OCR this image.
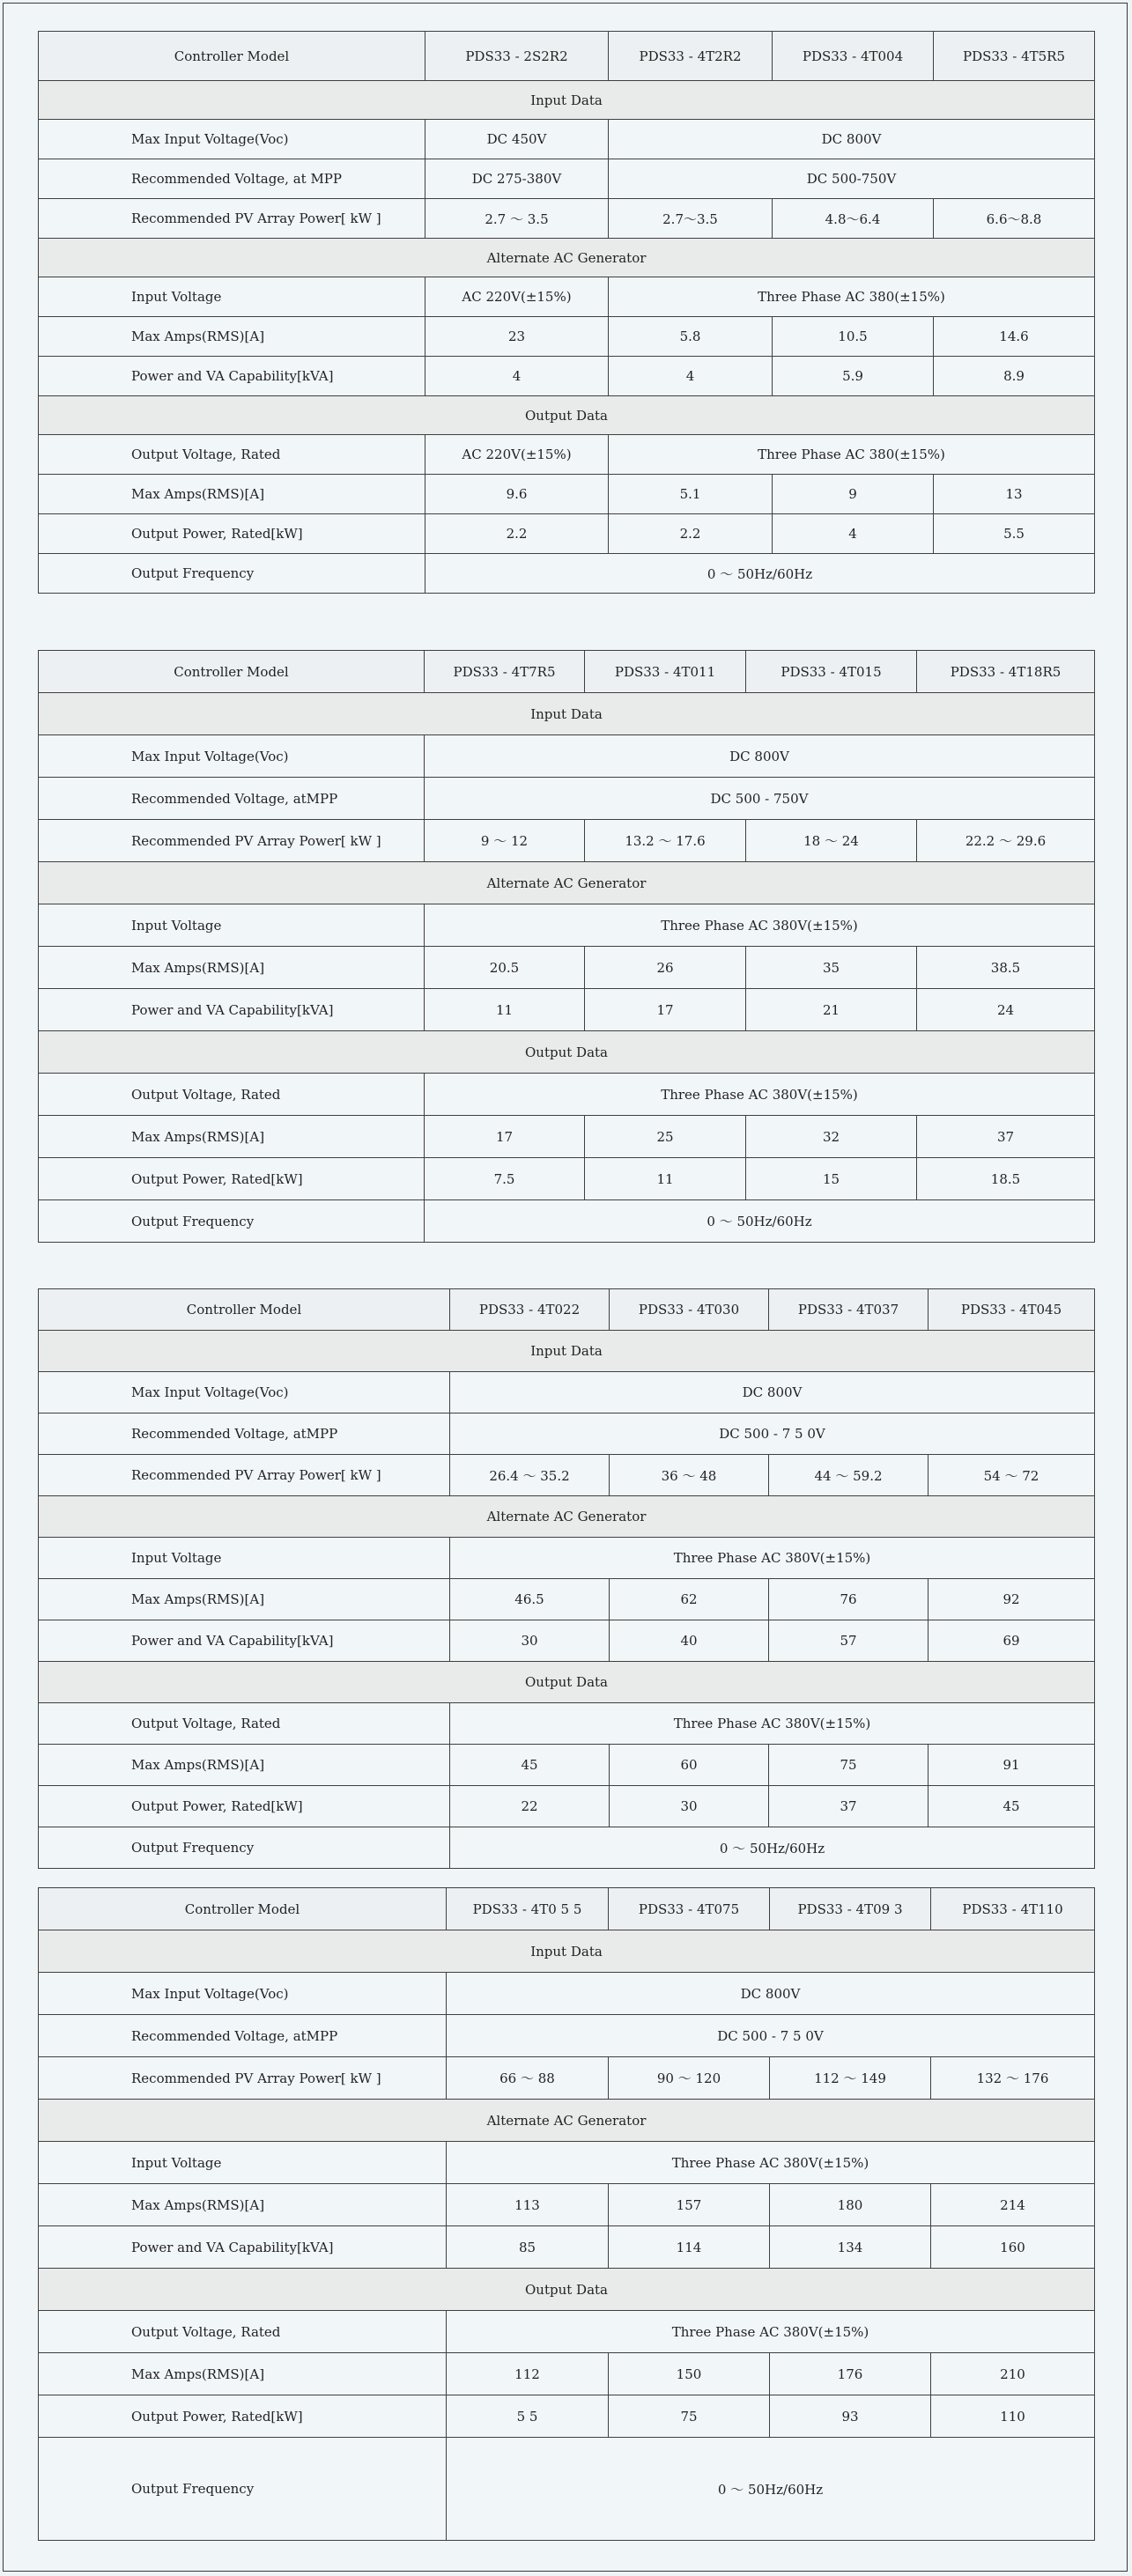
Controller Model	PDS33 - 2S2R2	PDS33 - 4T2R2	PDS33 - 4T004	PDS33 - 4T5R5
Input Data				
Max Input Voltage(Voc)	DC 450V	DC 800V		
Recommended Voltage, at MPP	DC 275-380V	DC 500-750V		
Recommended PV Array Power[ kW ]	2.7 ～ 3.5	2.7～3.5	4.8～6.4	6.6～8.8
Alternate AC Generator				
Input Voltage	AC 220V(±15%)	Three Phase AC 380(±15%)		
Max Amps(RMS)[A]	23	5.8	10.5	14.6
Power and VA Capability[kVA]	4	4	5.9	8.9
Output Data				
Output Voltage, Rated	AC 220V(±15%)	Three Phase AC 380(±15%)		
Max Amps(RMS)[A]	9.6	5.1	9	13
Output Power, Rated[kW]	2.2	2.2	4	5.5
Output Frequency	0 ～ 50Hz/60Hz			
Controller Model	PDS33 - 4T7R5	PDS33 - 4T011	PDS33 - 4T015	PDS33 - 4T18R5
Input Data				
Max Input Voltage(Voc)	DC 800V			
Recommended Voltage, atMPP	DC 500 - 750V			
Recommended PV Array Power[ kW ]	9 ～ 12	13.2 ～ 17.6	18 ～ 24	22.2 ～ 29.6
Alternate AC Generator				
Input Voltage	Three Phase AC 380V(±15%)			
Max Amps(RMS)[A]	20.5	26	35	38.5
Power and VA Capability[kVA]	11	17	21	24
Output Data				
Output Voltage, Rated	Three Phase AC 380V(±15%)			
Max Amps(RMS)[A]	17	25	32	37
Output Power, Rated[kW]	7.5	11	15	18.5
Output Frequency	0 ～ 50Hz/60Hz			
Controller Model	PDS33 - 4T022	PDS33 - 4T030	PDS33 - 4T037	PDS33 - 4T045
Input Data				
Max Input Voltage(Voc)	DC 800V			
Recommended Voltage, atMPP	DC 500 - 7 5 0V			
Recommended PV Array Power[ kW ]	26.4 ～ 35.2	36 ～ 48	44 ～ 59.2	54 ～ 72
Alternate AC Generator				
Input Voltage	Three Phase AC 380V(±15%)			
Max Amps(RMS)[A]	46.5	62	76	92
Power and VA Capability[kVA]	30	40	57	69
Output Data				
Output Voltage, Rated	Three Phase AC 380V(±15%)			
Max Amps(RMS)[A]	45	60	75	91
Output Power, Rated[kW]	22	30	37	45
Output Frequency	0 ～ 50Hz/60Hz			
Controller Model	PDS33 - 4T0 5 5	PDS33 - 4T075	PDS33 - 4T09 3	PDS33 - 4T110
Input Data				
Max Input Voltage(Voc)	DC 800V			
Recommended Voltage, atMPP	DC 500 - 7 5 0V			
Recommended PV Array Power[ kW ]	66 ～ 88	90 ～ 120	112 ～ 149	132 ～ 176
Alternate AC Generator				
Input Voltage	Three Phase AC 380V(±15%)			
Max Amps(RMS)[A]	113	157	180	214
Power and VA Capability[kVA]	85	114	134	160
Output Data				
Output Voltage, Rated	Three Phase AC 380V(±15%)			
Max Amps(RMS)[A]	112	150	176	210
Output Power, Rated[kW]	5 5	75	93	110
Output Frequency	0 ～ 50Hz/60Hz			
